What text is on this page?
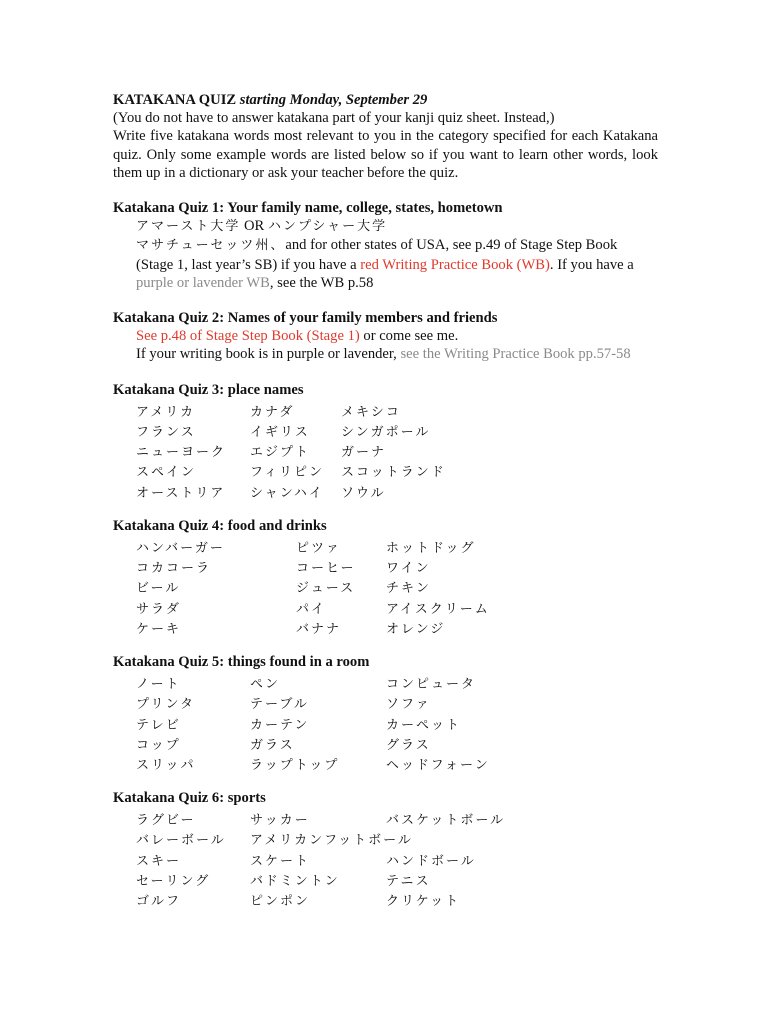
KATAKANA QUIZ starting Monday, September 29

(You do not have to answer katakana part of your kanji quiz sheet. Instead,)

Write five katakana words most relevant to you in the category specified for each Katakana quiz. Only some example words are listed below so if you want to learn other words, look them up in a dictionary or ask your teacher before the quiz.

Katakana Quiz 1: Your family name, college, states, hometown

アマースト大学 OR ハンプシャー大学

マサチューセッツ州、and for other states of USA, see p.49 of Stage Step Book

(Stage 1, last year’s SB) if you have a red Writing Practice Book (WB). If you have a

purple or lavender WB, see the WB p.58

Katakana Quiz 2: Names of your family members and friends

See p.48 of Stage Step Book (Stage 1) or come see me.

If your writing book is in purple or lavender, see the Writing Practice Book pp.57-58

Katakana Quiz 3: place names

アメリカ	カナダ	メキシコ
フランス	イギリス シンガポール
ニューヨーク エジプト ガーナ
スペイン	フィリピン スコットランド
オーストリア シャンハイ ソウル

Katakana Quiz 4: food and drinks

ハンバーガー	ピツァ	ホットドッグ
コカコーラ	コーヒー ワイン
ビール	ジュース チキン
サラダ	パイ	アイスクリーム
ケーキ	バナナ	オレンジ

Katakana Quiz 5: things found in a room

ノート	ペン	コンピュータ
プリンタ	テーブル	ソファ
テレビ	カーテン	カーペット
コップ	ガラス	グラス
スリッパ	ラップトップ	ヘッドフォーン

Katakana Quiz 6: sports

ラグビー	サッカー	バスケットボール
バレーボール アメリカンフットボール
スキー	スケート	ハンドボール
セーリング	バドミントン	テニス
ゴルフ	ピンポン	クリケット
